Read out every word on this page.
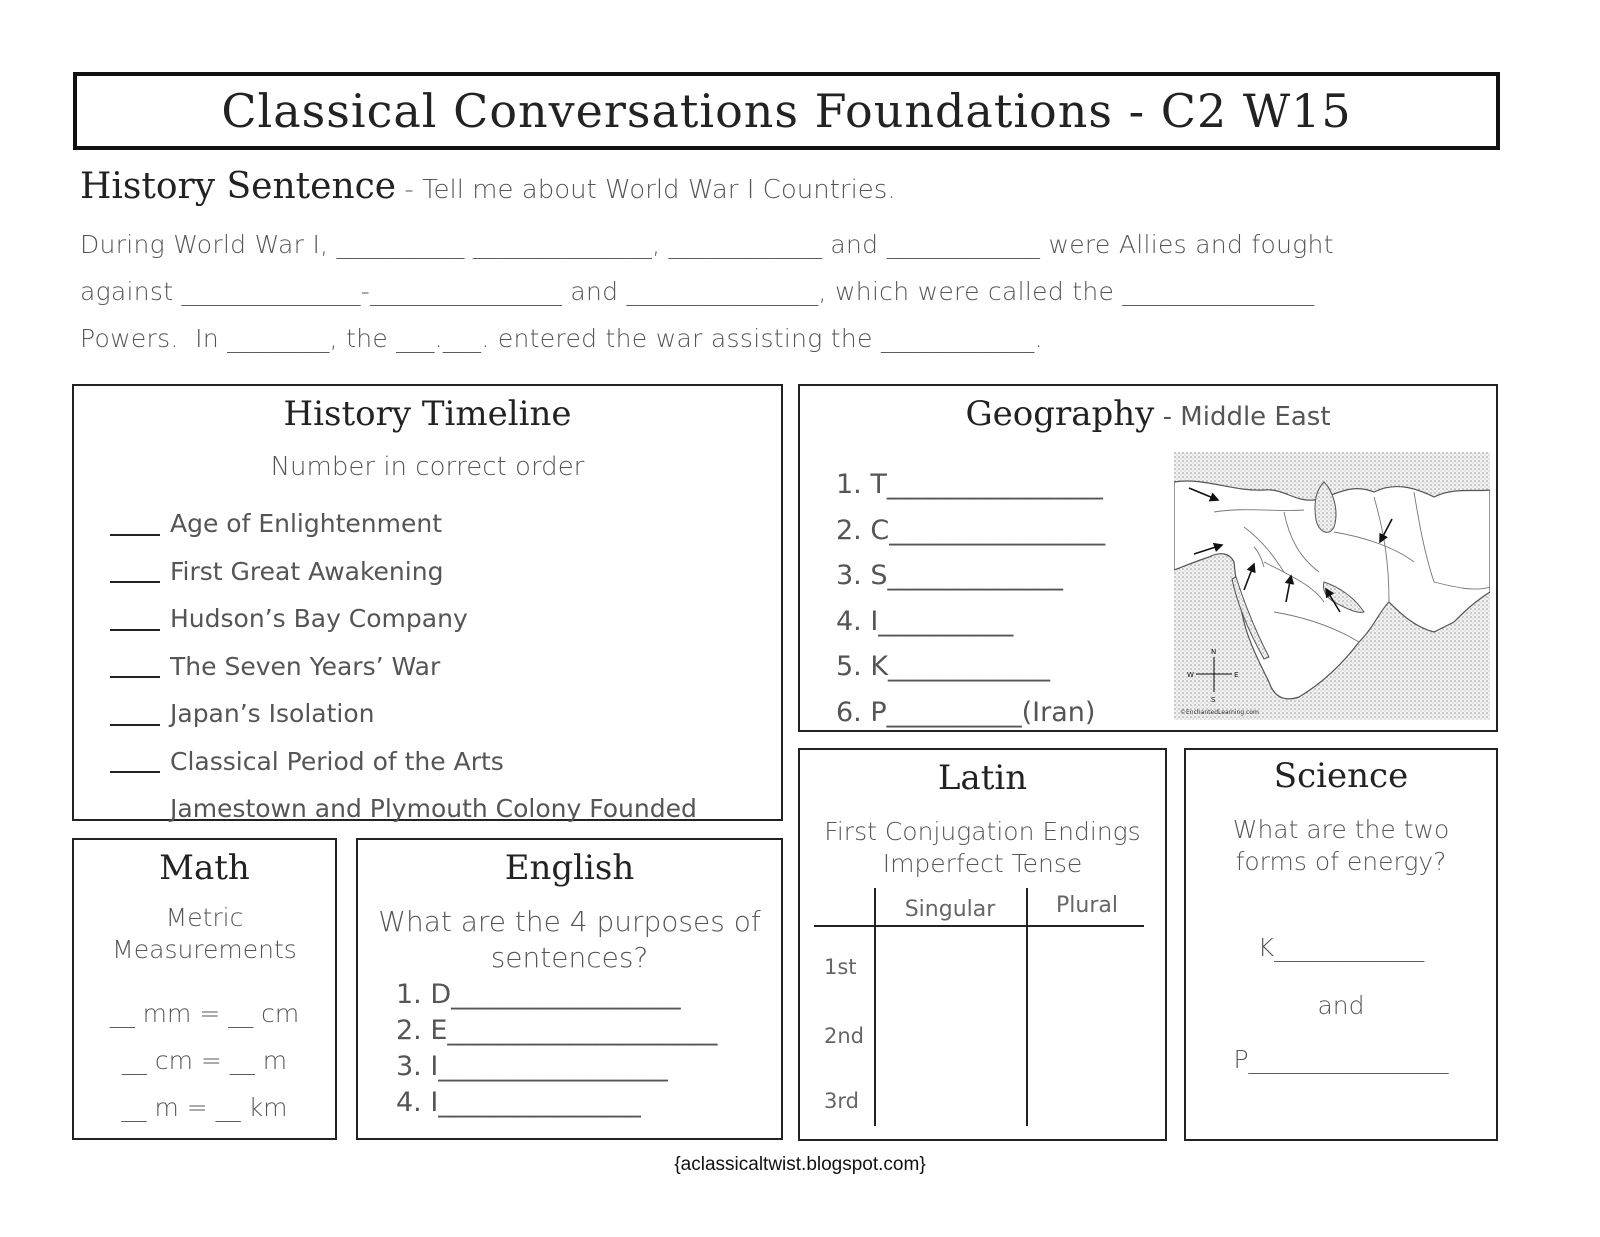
Classical Conversations Foundations - C2 W15
History Sentence - Tell me about World War I Countries.
During World War I, __________ ______________, ____________ and ____________ were Allies and fought
against ______________-_______________ and _______________, which were called the _______________
Powers.  In ________, the ___.___. entered the war assisting the ____________.
History Timeline
Number in correct order
Age of Enlightenment
First Great Awakening
Hudson’s Bay Company
The Seven Years’ War
Japan’s Isolation
Classical Period of the Arts
Jamestown and Plymouth Colony Founded
Geography - Middle East
1. T________________
2. C________________
3. S_____________
4. I__________
5. K____________
6. P__________(Iran)
N
S
E
W
©EnchantedLearning.com
Math
Metric
Measurements
__ mm = __ cm
__ cm = __ m
__ m = __ km
English
What are the 4 purposes of
sentences?
1. D_________________
2. E____________________
3. I_________________
4. I_______________
Latin
First Conjugation Endings
Imperfect Tense
Singular	Plural
1st
2nd
3rd
Science
What are the two
forms of energy?
K____________
and
P________________
{aclassicaltwist.blogspot.com}
